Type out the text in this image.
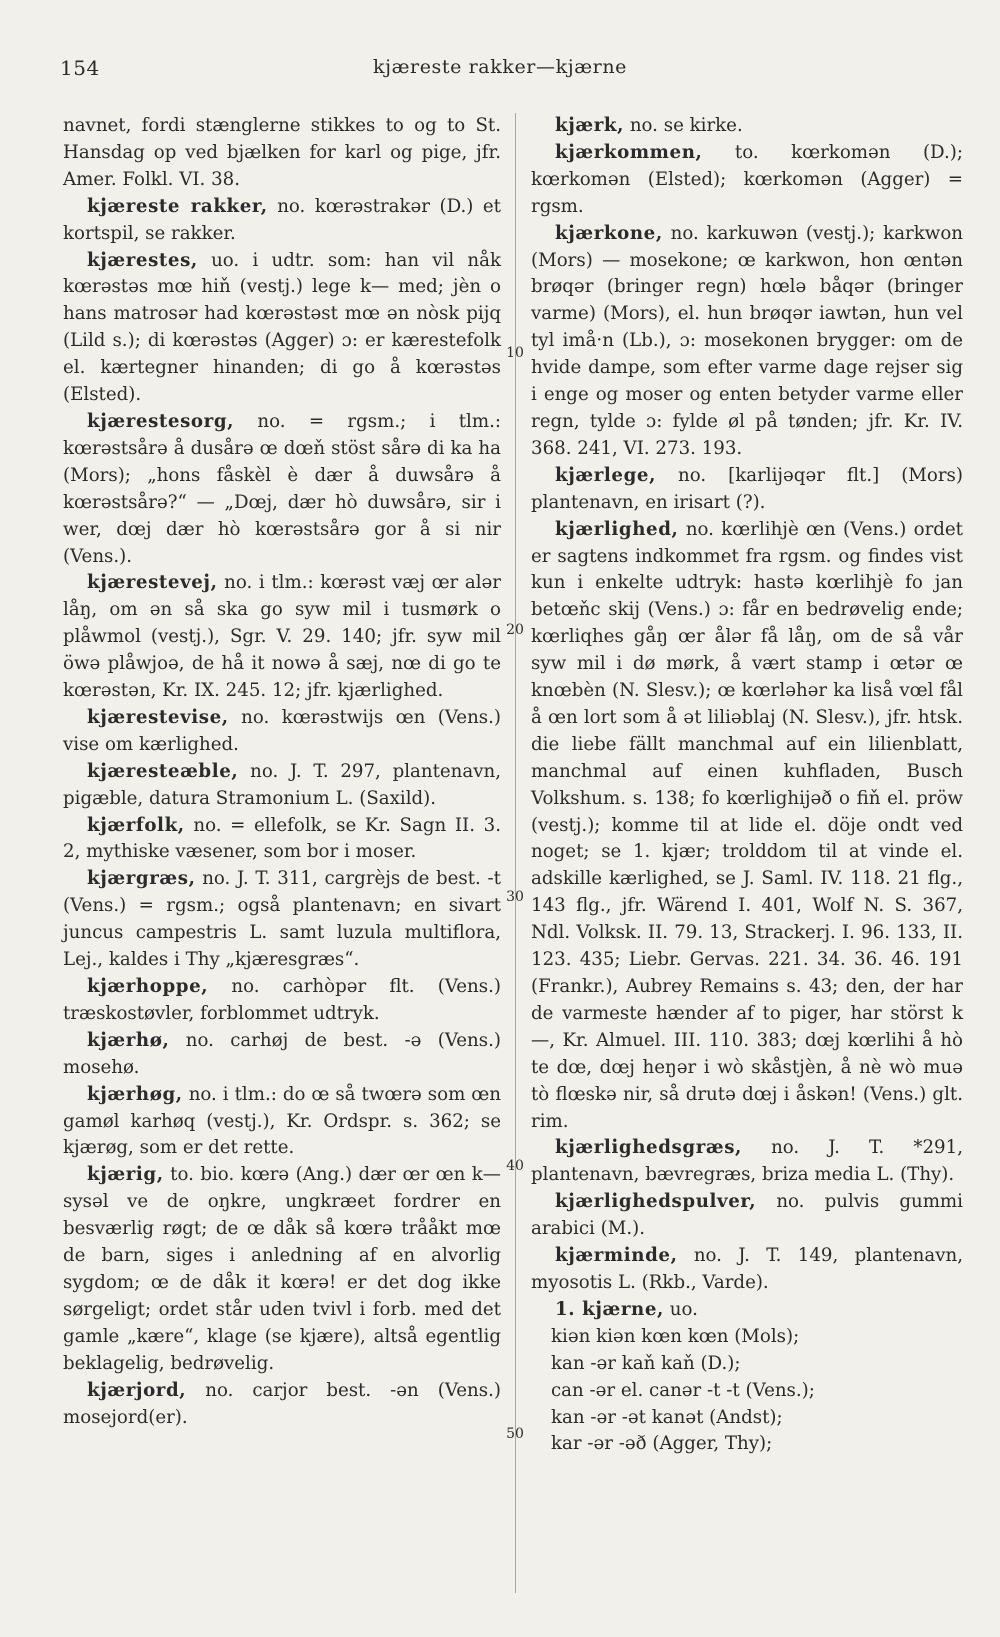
154	kjæreste rakker—kjærne
10
20
30
40
50

navnet, fordi stænglerne stikkes to og to St. Hansdag op ved bjælken for karl og pige, jfr. Amer. Folkl. VI. 38.

kjæreste rakker, no. kœrəstrakər (D.) et kortspil, se rakker.

kjærestes, uo. i udtr. som: han vil nåk kœrəstəs mœ hiň (vestj.) lege k— med; jèn o hans matrosər had kœrəstəst mœ ən nòsk pijq (Lild s.); di kœrəstəs (Agger) ɔ: er kærestefolk el. kærtegner hinanden; di go å kœrəstəs (Elsted).

kjærestesorg, no. = rgsm.; i tlm.: kœrəstsårə å dusårə œ dœň stöst sårə di ka ha (Mors); „hons fåskèl è dær å duwsårə å kœrəstsårə?“ — „Dœj, dær hò duwsårə, sir i wer, dœj dær hò kœrəstsårə gor å si nir (Vens.).

kjærestevej, no. i tlm.: kœrəst væj œr alər låŋ, om ən så ska go syw mil i tusmørk o plåwmol (vestj.), Sgr. V. 29. 140; jfr. syw mil öwə plåwjoə, de hå it nowə å sæj, nœ di go te kœrəstən, Kr. IX. 245. 12; jfr. kjærlighed.

kjærestevise, no. kœrəstwijs œn (Vens.) vise om kærlighed.

kjæresteæble, no. J. T. 297, plantenavn, pigæble, datura Stramonium L. (Saxild).

kjærfolk, no. = ellefolk, se Kr. Sagn II. 3. 2, mythiske væsener, som bor i moser.

kjærgræs, no. J. T. 311, cargrèjs de best. -t (Vens.) = rgsm.; også plantenavn; en sivart juncus campestris L. samt luzula multiflora, Lej., kaldes i Thy „kjæresgræs“.

kjærhoppe, no. carhòpər flt. (Vens.) træskostøvler, forblommet udtryk.

kjærhø, no. carhøj de best. -ə (Vens.) mosehø.

kjærhøg, no. i tlm.: do œ så twœrə som œn gamøl karhøq (vestj.), Kr. Ordspr. s. 362; se kjærøg, som er det rette.

kjærig, to. bio. kœrə (Ang.) dær œr œn k— sysəl ve de oŋkre, ungkræet fordrer en besværlig røgt; de œ dåk så kœrə trååkt mœ de barn, siges i anledning af en alvorlig sygdom; œ de dåk it kœrə! er det dog ikke sørgeligt; ordet står uden tvivl i forb. med det gamle „kære“, klage (se kjære), altså egentlig beklagelig, bedrøvelig.

kjærjord, no. carjor best. -ən (Vens.) mosejord(er).

kjærk, no. se kirke.

kjærkommen, to. kœrkomən (D.); kœrkomən (Elsted); kœrkomən (Agger) = rgsm.

kjærkone, no. karkuwən (vestj.); karkwon (Mors) — mosekone; œ karkwon, hon œntən brøqər (bringer regn) hœlə båqər (bringer varme) (Mors), el. hun brøqər iawtən, hun vel tyl imå·n (Lb.), ɔ: mosekonen brygger: om de hvide dampe, som efter varme dage rejser sig i enge og moser og enten betyder varme eller regn, tylde ɔ: fylde øl på tønden; jfr. Kr. IV. 368. 241, VI. 273. 193.

kjærlege, no. [karlijəqər flt.] (Mors) plantenavn, en irisart (?).

kjærlighed, no. kœrlihjè œn (Vens.) ordet er sagtens indkommet fra rgsm. og findes vist kun i enkelte udtryk: hastə kœrlihjè fo jan betœňc skij (Vens.) ɔ: får en bedrøvelig ende; kœrliqhes gåŋ œr ålər få låŋ, om de så vår syw mil i dø mørk, å vært stamp i œtər œ knœbèn (N. Slesv.); œ kœrləhər ka liså vœl fål å œn lort som å ət liliəblaj (N. Slesv.), jfr. htsk. die liebe fällt manchmal auf ein lilienblatt, manchmal auf einen kuhfladen, Busch Volkshum. s. 138; fo kœrlighijəð o fiň el. pröw (vestj.); komme til at lide el. döje ondt ved noget; se 1. kjær; trolddom til at vinde el. adskille kærlighed, se J. Saml. IV. 118. 21 flg., 143 flg., jfr. Wärend I. 401, Wolf N. S. 367, Ndl. Volksk. II. 79. 13, Strackerj. I. 96. 133, II. 123. 435; Liebr. Gervas. 221. 34. 36. 46. 191 (Frankr.), Aubrey Remains s. 43; den, der har de varmeste hænder af to piger, har störst k—, Kr. Almuel. III. 110. 383; dœj kœrlihi å hò te dœ, dœj heŋər i wò skåstjèn, å nè wò muə tò flœskə nir, så drutə dœj i åskən! (Vens.) glt. rim.

kjærlighedsgræs, no. J. T. *291, plantenavn, bævregræs, briza media L. (Thy).

kjærlighedspulver, no. pulvis gummi arabici (M.).

kjærminde, no. J. T. 149, plantenavn, myosotis L. (Rkb., Varde).

1. kjærne, uo.

kiən kiən kœn kœn (Mols);

kan -ər kaň kaň (D.);

can -ər el. canər -t -t (Vens.);

kan -ər -ət kanət (Andst);

kar -ər -əð (Agger, Thy);
